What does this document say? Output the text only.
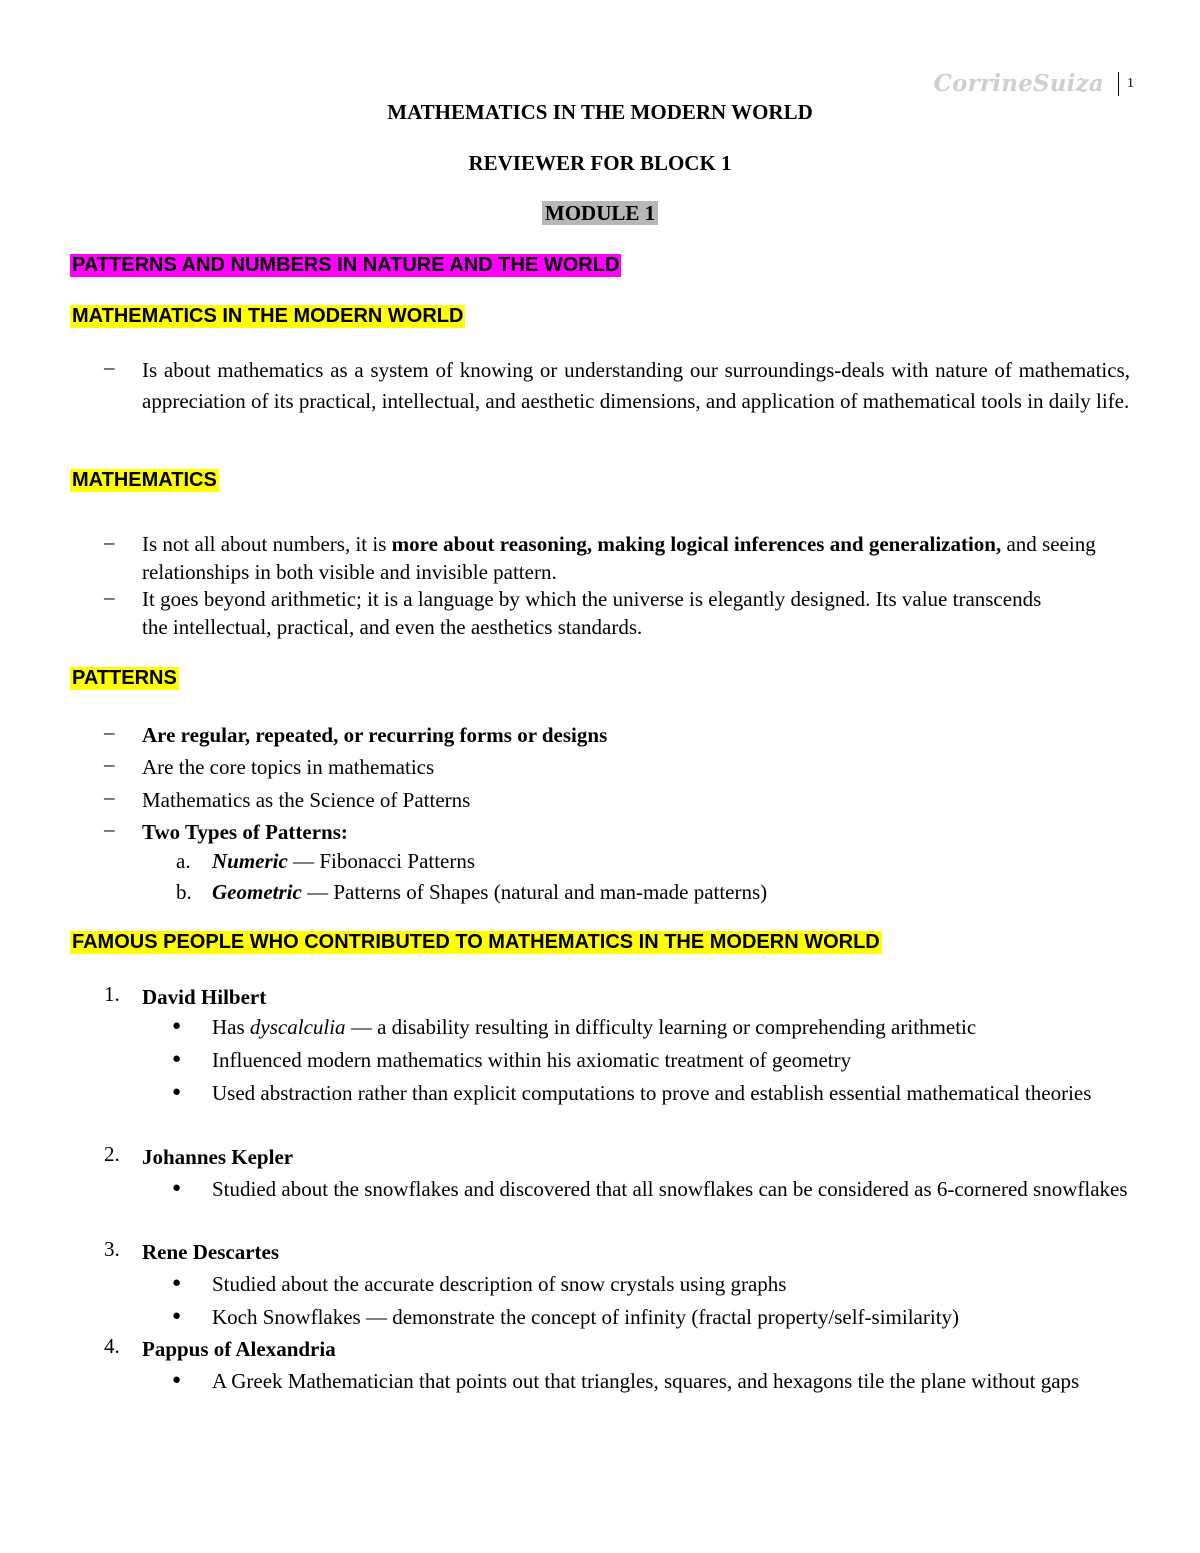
CorrineSuiza 1
MATHEMATICS IN THE MODERN WORLD
REVIEWER FOR BLOCK 1
MODULE 1
PATTERNS AND NUMBERS IN NATURE AND THE WORLD
MATHEMATICS IN THE MODERN WORLD
– Is about mathematics as a system of knowing or understanding our surroundings-deals with nature of mathematics, appreciation of its practical, intellectual, and aesthetic dimensions, and application of mathematical tools in daily life.
MATHEMATICS
– Is not all about numbers, it is more about reasoning, making logical inferences and generalization, and seeing relationships in both visible and invisible pattern.
– It goes beyond arithmetic; it is a language by which the universe is elegantly designed. Its value transcends the intellectual, practical, and even the aesthetics standards.
PATTERNS
– Are regular, repeated, or recurring forms or designs
– Are the core topics in mathematics
– Mathematics as the Science of Patterns
– Two Types of Patterns:
a. Numeric — Fibonacci Patterns
b. Geometric — Patterns of Shapes (natural and man-made patterns)
FAMOUS PEOPLE WHO CONTRIBUTED TO MATHEMATICS IN THE MODERN WORLD
1. David Hilbert
● Has dyscalculia — a disability resulting in difficulty learning or comprehending arithmetic
● Influenced modern mathematics within his axiomatic treatment of geometry
● Used abstraction rather than explicit computations to prove and establish essential mathematical theories
2. Johannes Kepler
● Studied about the snowflakes and discovered that all snowflakes can be considered as 6-cornered snowflakes
3. Rene Descartes
● Studied about the accurate description of snow crystals using graphs
● Koch Snowflakes — demonstrate the concept of infinity (fractal property/self-similarity)
4. Pappus of Alexandria
● A Greek Mathematician that points out that triangles, squares, and hexagons tile the plane without gaps
